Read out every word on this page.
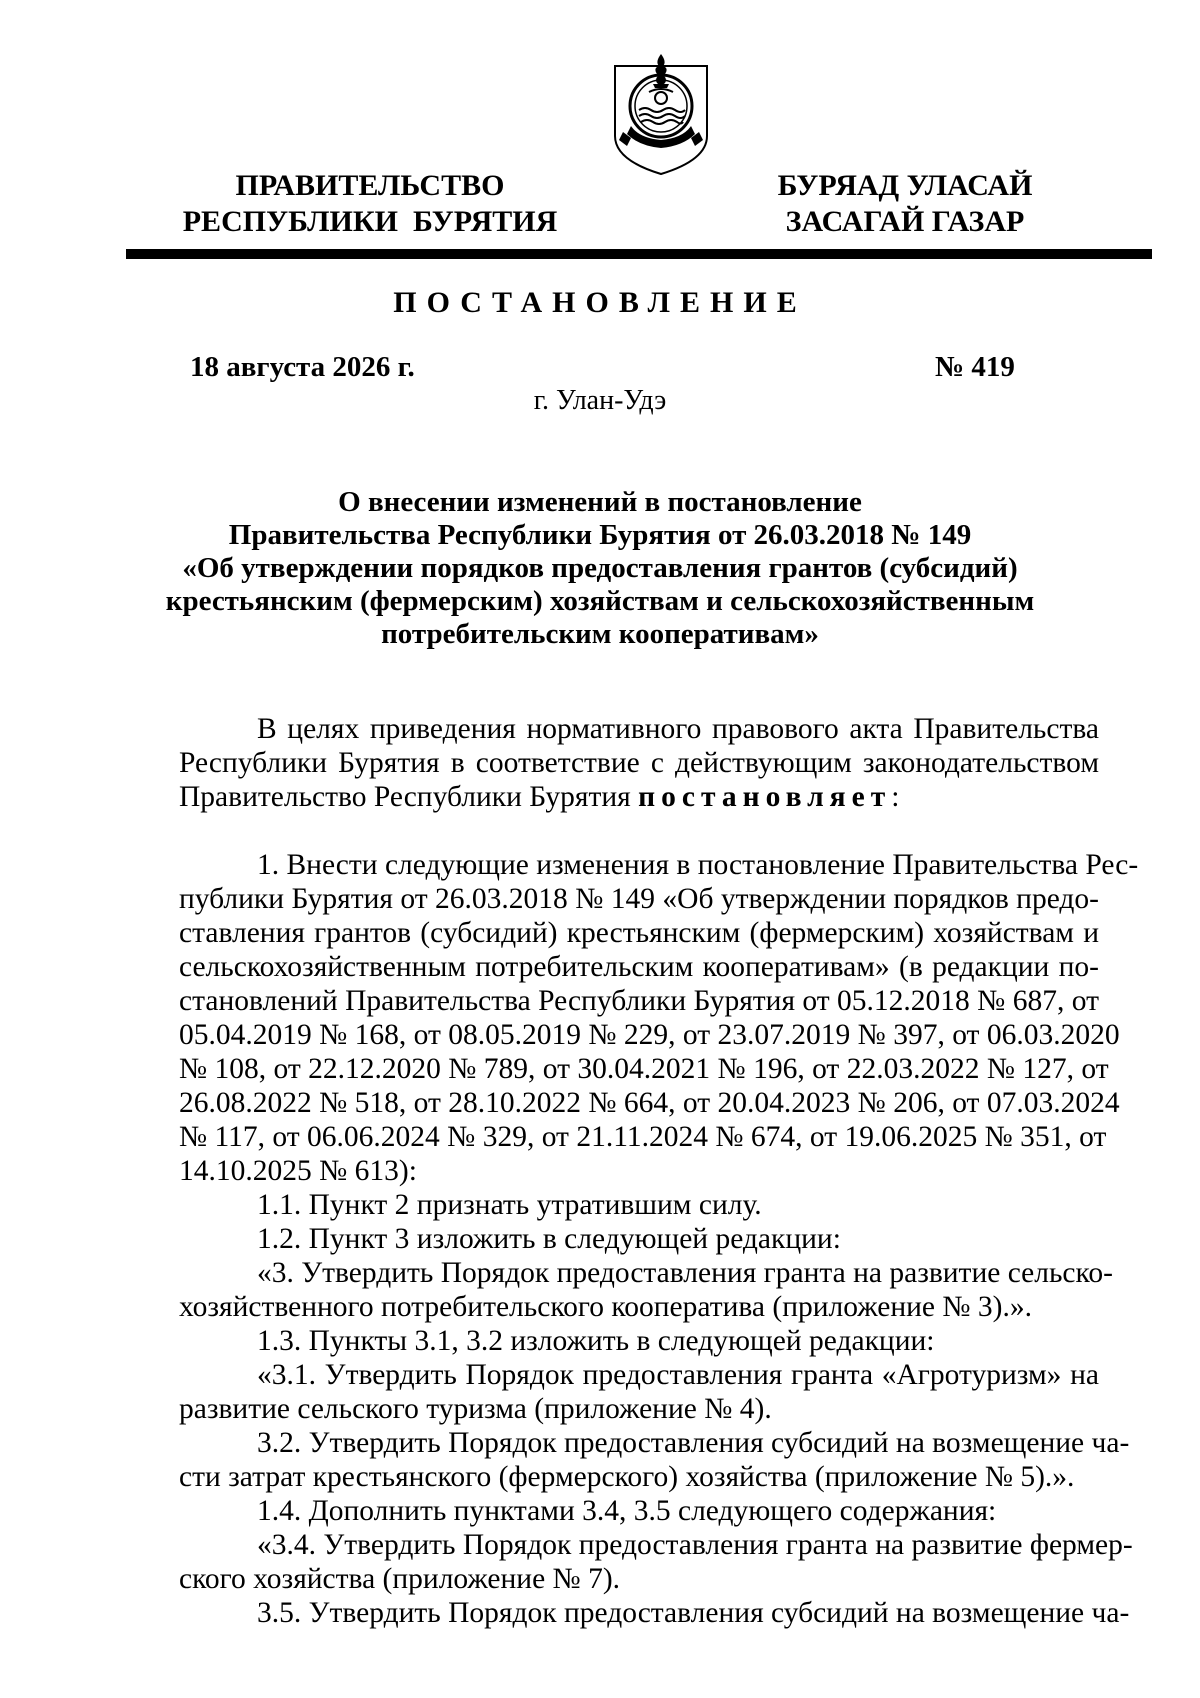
ПРАВИТЕЛЬСТВО
РЕСПУБЛИКИ  БУРЯТИЯ
БУРЯАД УЛАСАЙ
ЗАСАГАЙ ГАЗАР
ПОСТАНОВЛЕНИЕ
18 августа 2026 г.	№ 419
г. Улан-Удэ
О внесении изменений в постановление
Правительства Республики Бурятия от 26.03.2018 № 149
«Об утверждении порядков предоставления грантов (субсидий)
крестьянским (фермерским) хозяйствам и сельскохозяйственным
потребительским кооперативам»
В целях приведения нормативного правового акта Правительства
Республики Бурятия в соответствие с действующим законодательством
Правительство Республики Бурятия постановляет:
1. Внести следующие изменения в постановление Правительства Рес-
публики Бурятия от 26.03.2018 № 149 «Об утверждении порядков предо-
ставления грантов (субсидий) крестьянским (фермерским) хозяйствам и
сельскохозяйственным потребительским кооперативам» (в редакции по-
становлений Правительства Республики Бурятия от 05.12.2018 № 687, от
05.04.2019 № 168, от 08.05.2019 № 229, от 23.07.2019 № 397, от 06.03.2020
№ 108, от 22.12.2020 № 789, от 30.04.2021 № 196, от 22.03.2022 № 127, от
26.08.2022 № 518, от 28.10.2022 № 664, от 20.04.2023 № 206, от 07.03.2024
№ 117, от 06.06.2024 № 329, от 21.11.2024 № 674, от 19.06.2025 № 351, от
14.10.2025 № 613):
1.1. Пункт 2 признать утратившим силу.
1.2. Пункт 3 изложить в следующей редакции:
«3. Утвердить Порядок предоставления гранта на развитие сельско-
хозяйственного потребительского кооператива (приложение № 3).».
1.3. Пункты 3.1, 3.2 изложить в следующей редакции:
«3.1. Утвердить Порядок предоставления гранта «Агротуризм» на
развитие сельского туризма (приложение № 4).
3.2. Утвердить Порядок предоставления субсидий на возмещение ча-
сти затрат крестьянского (фермерского) хозяйства (приложение № 5).».
1.4. Дополнить пунктами 3.4, 3.5 следующего содержания:
«3.4. Утвердить Порядок предоставления гранта на развитие фермер-
ского хозяйства (приложение № 7).
3.5. Утвердить Порядок предоставления субсидий на возмещение ча-
